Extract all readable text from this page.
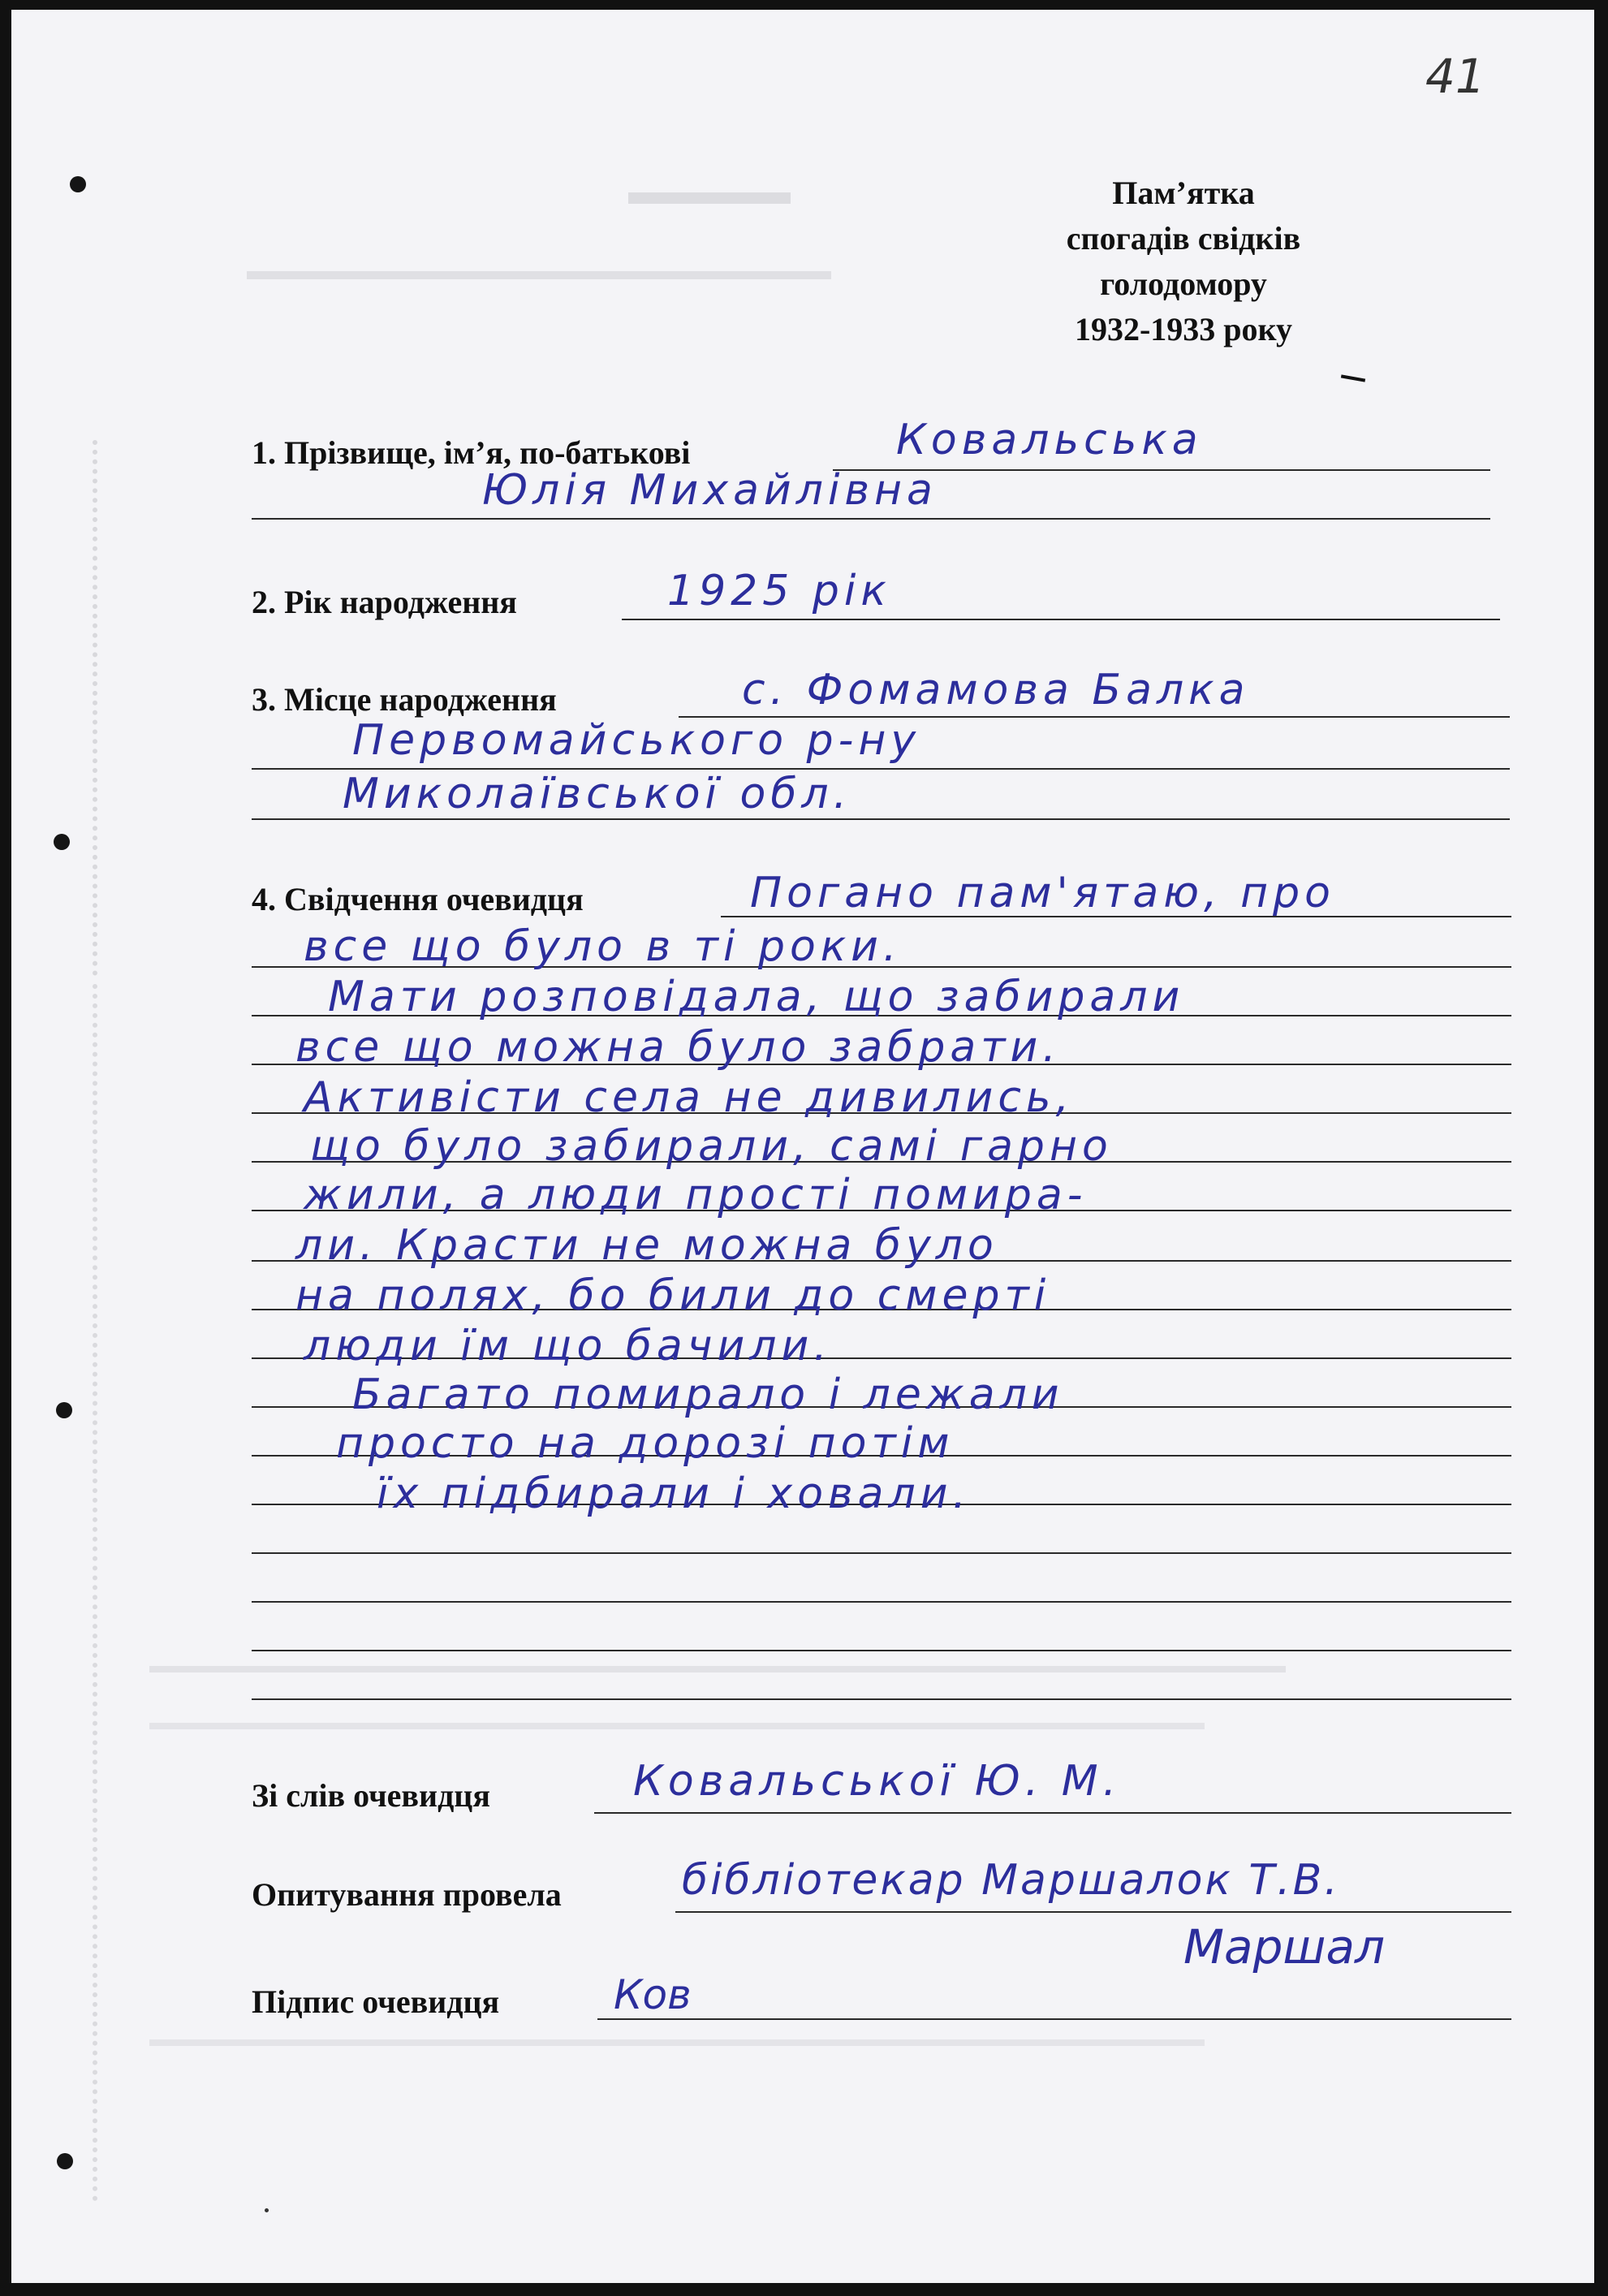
41
Пам’ятка
спогадів свідків
голодомору
1932-1933 року
1. Прізвище, ім’я, по-батькові	Ковальська
Юлія Михайлівна
2. Рік народження	1925 рік
3. Місце народження	с. Фомамова Балка
Первомайського р-ну
Миколаївської обл.
4. Свідчення очевидця	Погано пам'ятаю, про
все що було в ті роки.
Мати розповідала, що забирали
все що можна було забрати.
Активісти села не дивились,
що було забирали, самі гарно
жили, а люди прості помира-
ли. Красти не можна було
на полях, бо били до смерті
люди їм що бачили.
Багато помирало і лежали
просто на дорозі потім
їх підбирали і ховали.
Зі слів очевидця	Ковальської Ю. М.
Опитування провела	бібліотекар Маршалок Т.В.
Маршал
Підпис очевидця	Ков
